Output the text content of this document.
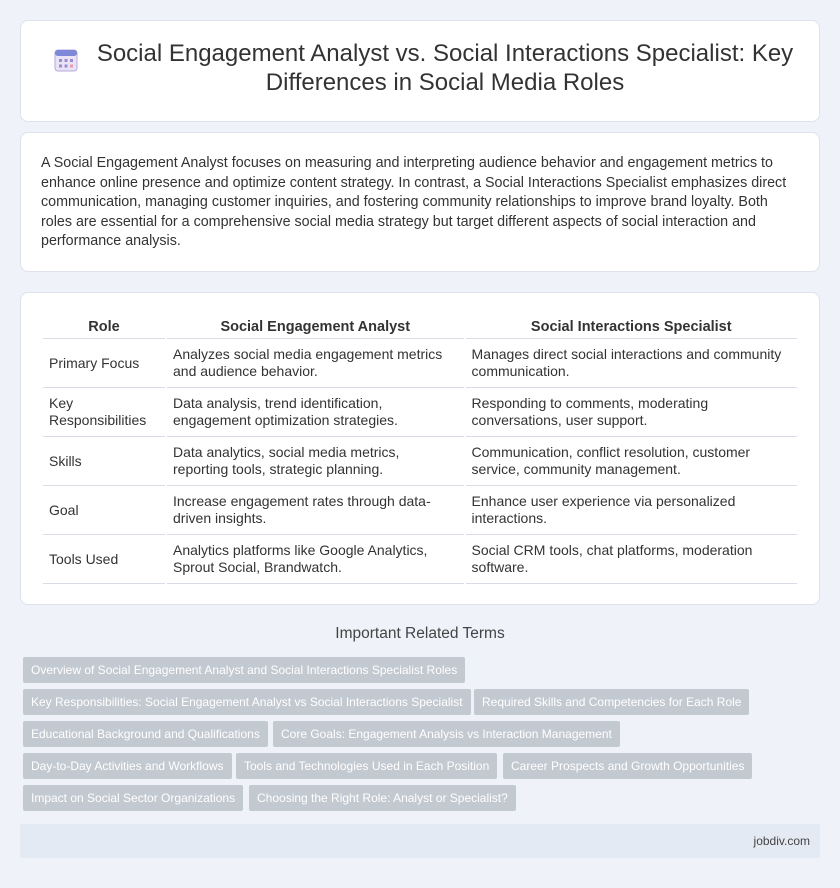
Social Engagement Analyst vs. Social Interactions Specialist: Key Differences in Social Media Roles

A Social Engagement Analyst focuses on measuring and interpreting audience behavior and engagement metrics to enhance online presence and optimize content strategy. In contrast, a Social Interactions Specialist emphasizes direct communication, managing customer inquiries, and fostering community relationships to improve brand loyalty. Both roles are essential for a comprehensive social media strategy but target different aspects of social interaction and performance analysis.

Role	Social Engagement Analyst	Social Interactions Specialist
Primary Focus	Analyzes social media engagement metrics and audience behavior.	Manages direct social interactions and community communication.
Key Responsibilities	Data analysis, trend identification, engagement optimization strategies.	Responding to comments, moderating conversations, user support.
Skills	Data analytics, social media metrics, reporting tools, strategic planning.	Communication, conflict resolution, customer service, community management.
Goal	Increase engagement rates through data-driven insights.	Enhance user experience via personalized interactions.
Tools Used	Analytics platforms like Google Analytics, Sprout Social, Brandwatch.	Social CRM tools, chat platforms, moderation software.
Important Related Terms
Overview of Social Engagement Analyst and Social Interactions Specialist Roles
Key Responsibilities: Social Engagement Analyst vs Social Interactions Specialist	Required Skills and Competencies for Each Role
Educational Background and Qualifications	Core Goals: Engagement Analysis vs Interaction Management
Day-to-Day Activities and Workflows	Tools and Technologies Used in Each Position	Career Prospects and Growth Opportunities
Impact on Social Sector Organizations	Choosing the Right Role: Analyst or Specialist?
jobdiv.com
